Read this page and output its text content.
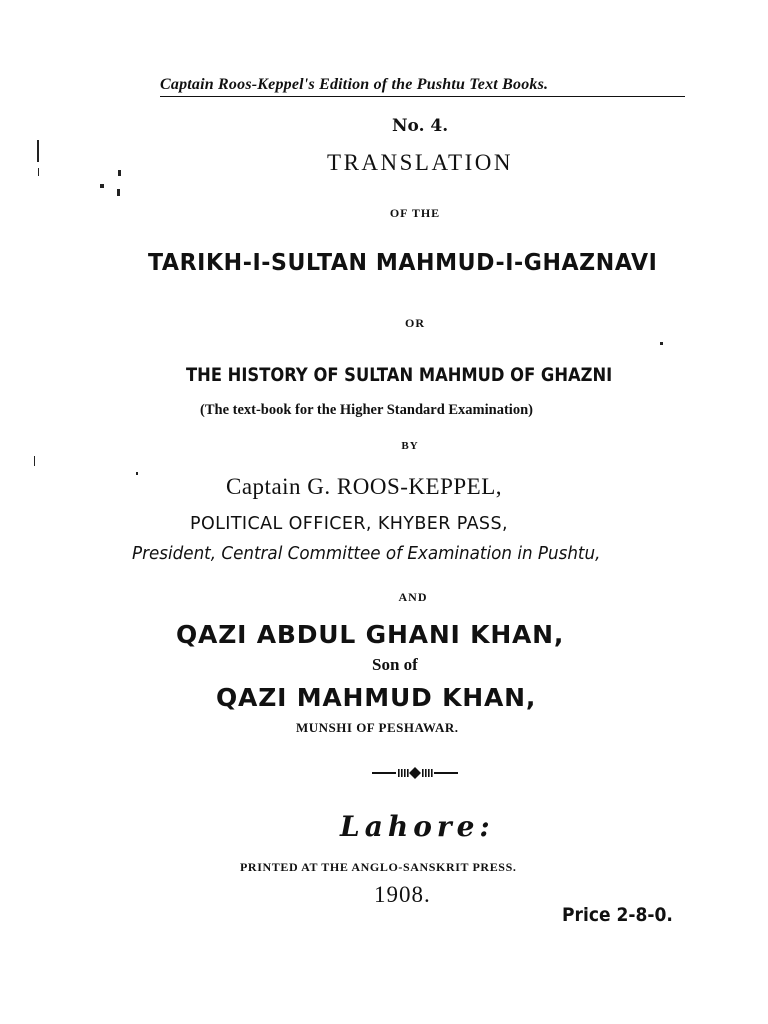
Captain Roos-Keppel's Edition of the Pushtu Text Books.
No. 4.
TRANSLATION
OF THE
TARIKH-I-SULTAN MAHMUD-I-GHAZNAVI
OR
THE HISTORY OF SULTAN MAHMUD OF GHAZNI
(The text-book for the Higher Standard Examination)
BY
Captain G. ROOS-KEPPEL,
POLITICAL OFFICER, KHYBER PASS,
President, Central Committee of Examination in Pushtu,
AND
QAZI ABDUL GHANI KHAN,
Son of
QAZI MAHMUD KHAN,
MUNSHI OF PESHAWAR.
Lahore:
PRINTED AT THE ANGLO-SANSKRIT PRESS.
1908.
Price 2-8-0.
